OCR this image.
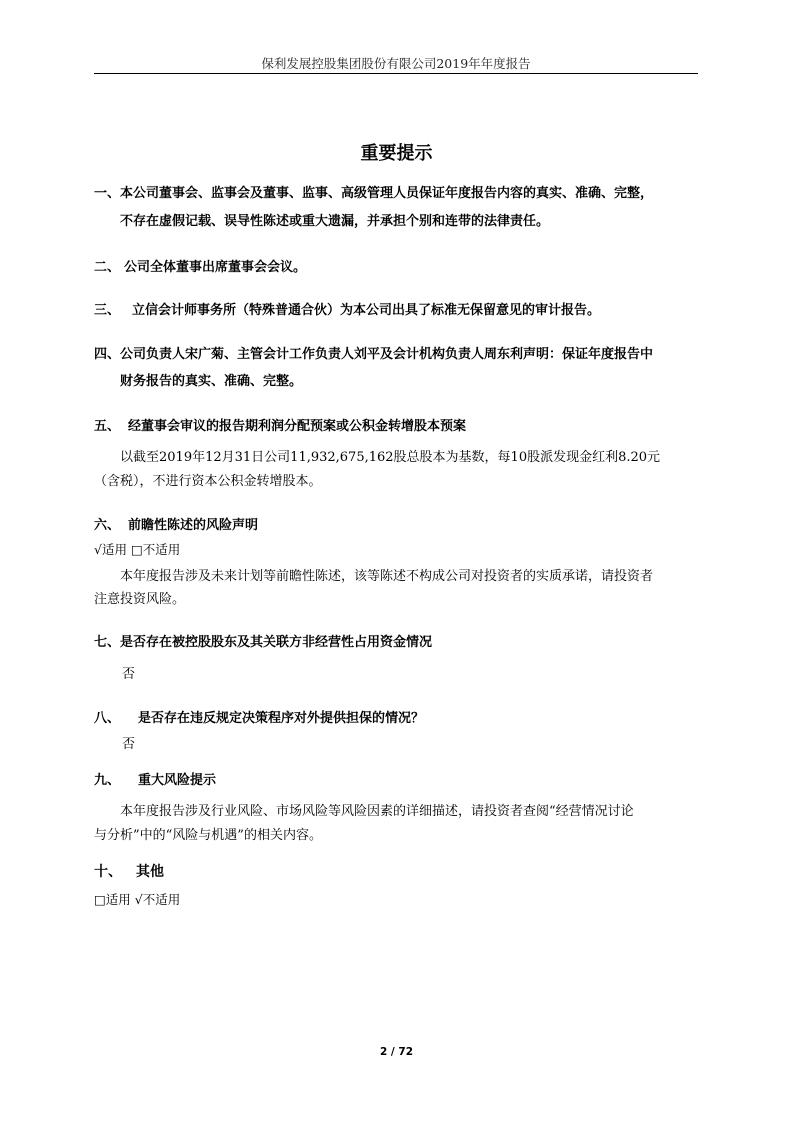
保利发展控股集团股份有限公司2019年年度报告
重要提示
一、本公司董事会、监事会及董事、监事、高级管理人员保证年度报告内容的真实、准确、完整，
不存在虚假记载、误导性陈述或重大遗漏，并承担个别和连带的法律责任。
二、 公司全体董事出席董事会会议。
三、 立信会计师事务所（特殊普通合伙）为本公司出具了标准无保留意见的审计报告。
四、公司负责人宋广菊、主管会计工作负责人刘平及会计机构负责人周东利声明：保证年度报告中
财务报告的真实、准确、完整。
五、 经董事会审议的报告期利润分配预案或公积金转增股本预案
以截至2019年12月31日公司11,932,675,162股总股本为基数，每10股派发现金红利8.20元
（含税），不进行资本公积金转增股本。
六、 前瞻性陈述的风险声明
√适用 □不适用
本年度报告涉及未来计划等前瞻性陈述，该等陈述不构成公司对投资者的实质承诺，请投资者
注意投资风险。
七、是否存在被控股股东及其关联方非经营性占用资金情况
否
八、 是否存在违反规定决策程序对外提供担保的情况？
否
九、 重大风险提示
本年度报告涉及行业风险、市场风险等风险因素的详细描述，请投资者查阅“经营情况讨论
与分析”中的“风险与机遇”的相关内容。
十、 其他
□适用 √不适用
2 / 72
